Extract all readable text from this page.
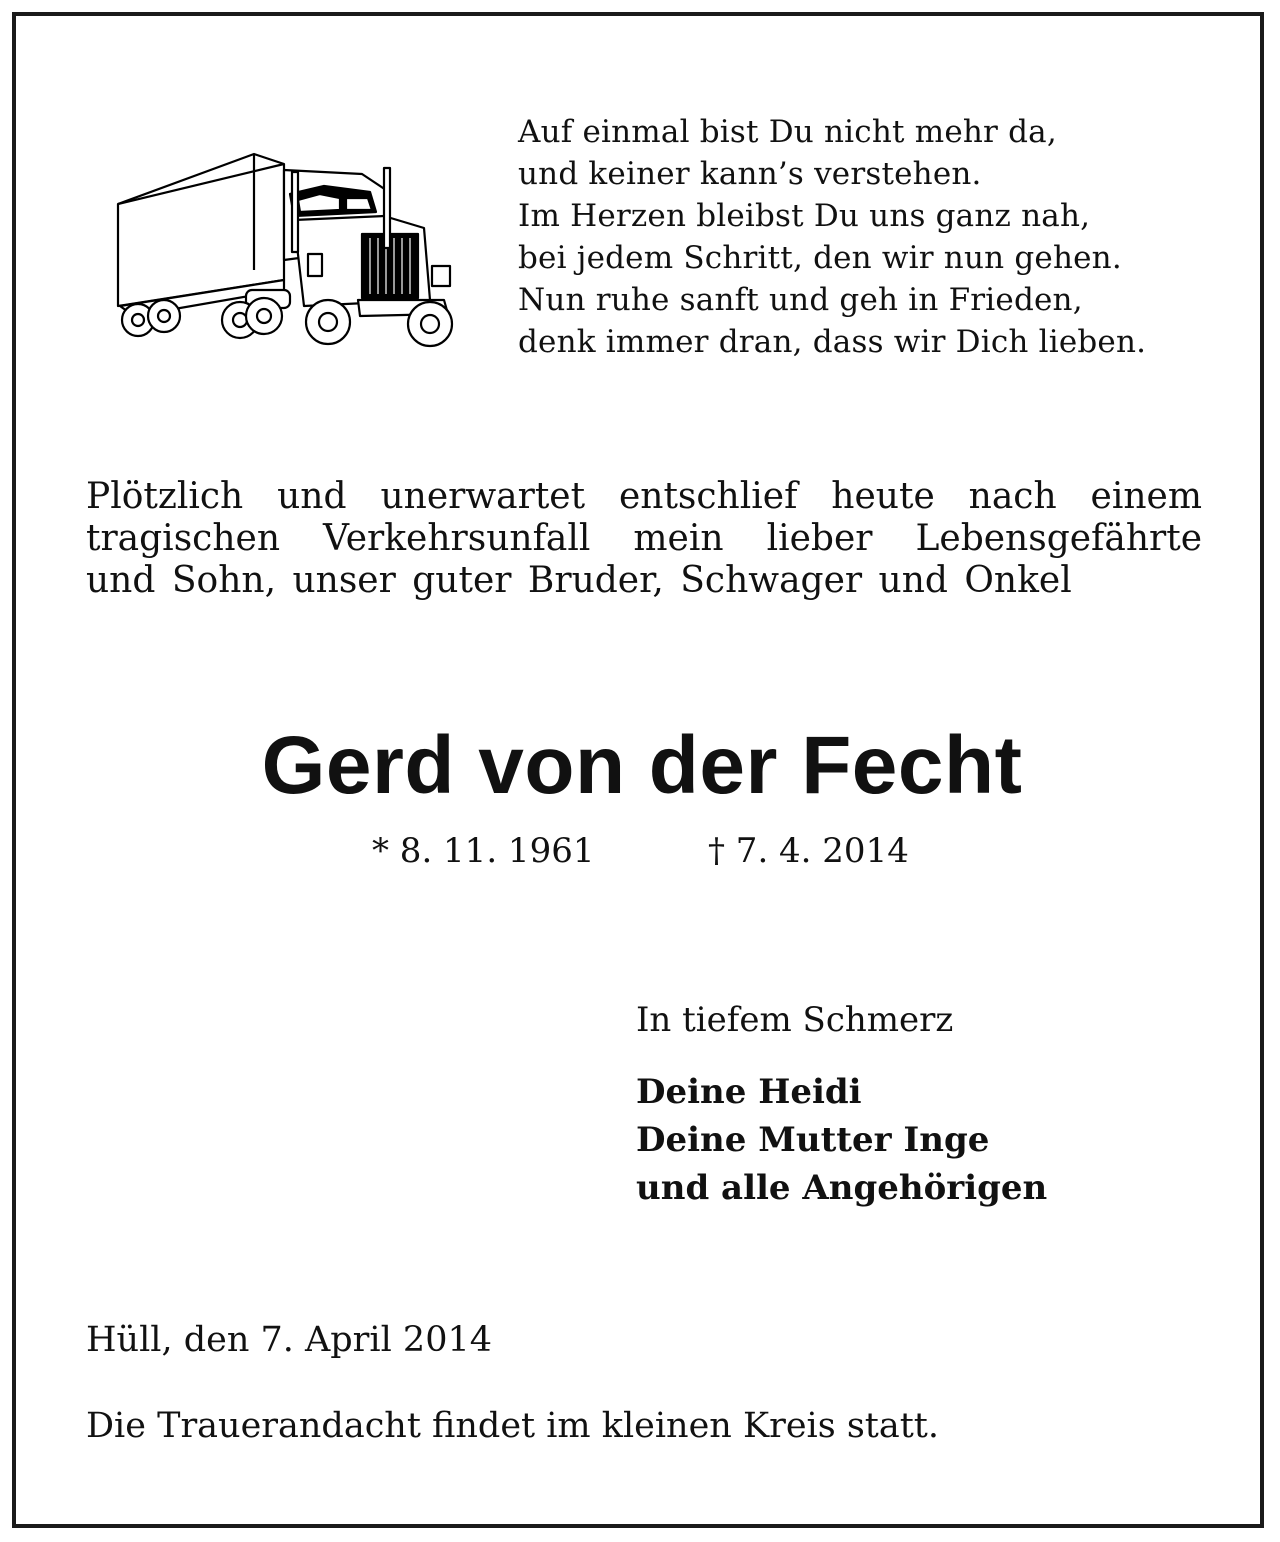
Auf einmal bist Du nicht mehr da,
und keiner kann’s verstehen.
Im Herzen bleibst Du uns ganz nah,
bei jedem Schritt, den wir nun gehen.
Nun ruhe sanft und geh in Frieden,
denk immer dran, dass wir Dich lieben.
Plötzlich und unerwartet entschlief heute nach einem
tragischen Verkehrsunfall mein lieber Lebensgefährte
und Sohn, unser guter Bruder, Schwager und Onkel
Gerd von der Fecht
* 8. 11. 1961	† 7. 4. 2014
In tiefem Schmerz
Deine Heidi
Deine Mutter Inge
und alle Angehörigen
Hüll, den 7. April 2014
Die Trauerandacht findet im kleinen Kreis statt.
